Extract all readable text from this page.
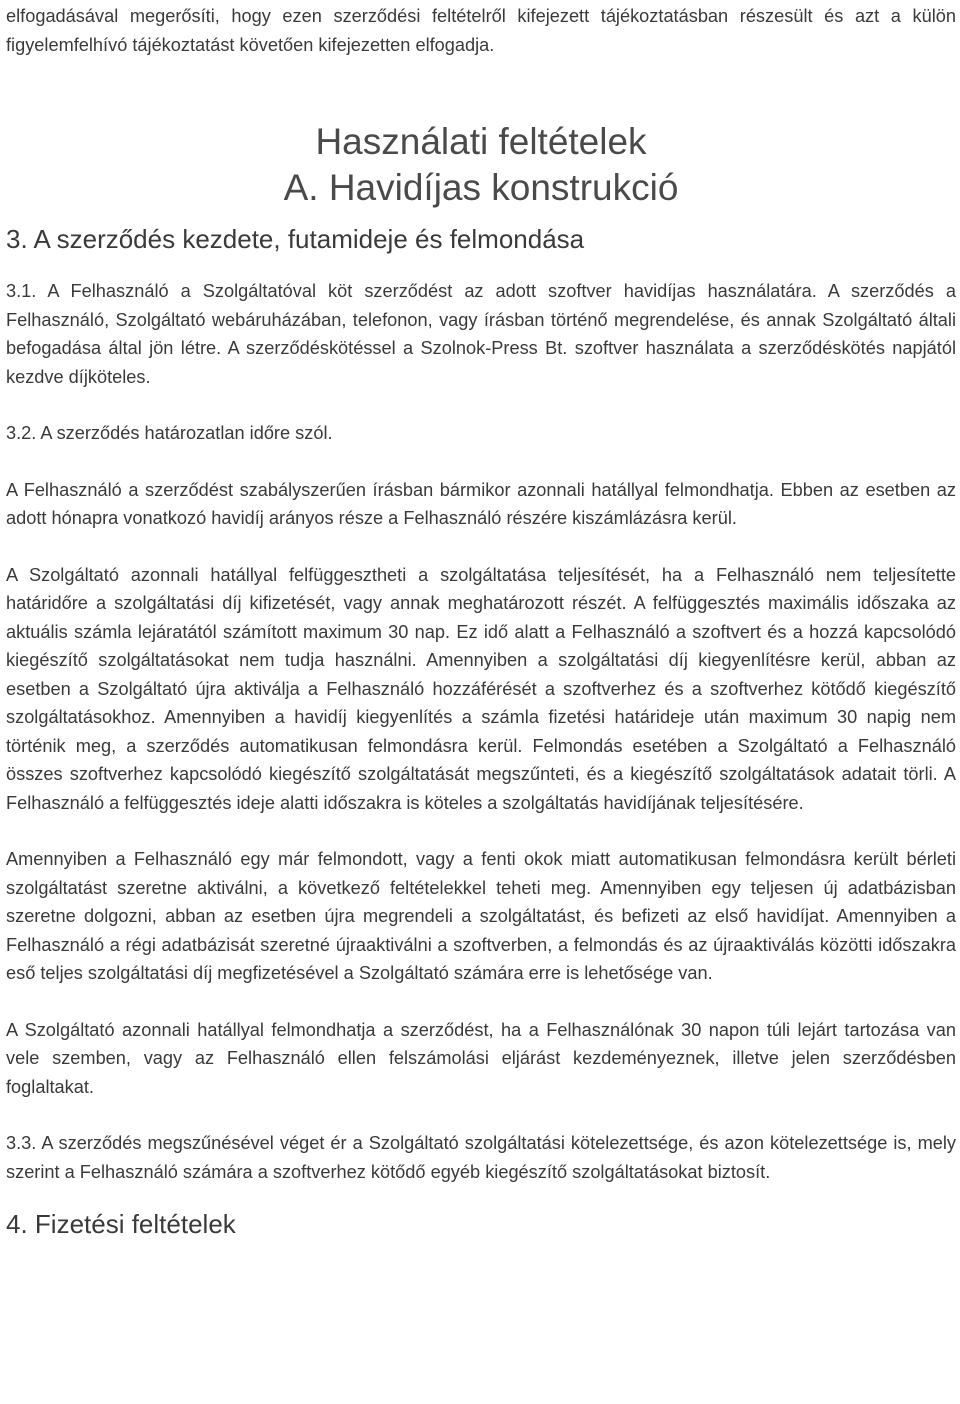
elfogadásával megerősíti, hogy ezen szerződési feltételről kifejezett tájékoztatásban részesült és azt a külön figyelemfelhívó tájékoztatást követően kifejezetten elfogadja.

Használati feltételek
A. Havidíjas konstrukció
3. A szerződés kezdete, futamideje és felmondása

3.1. A Felhasználó a Szolgáltatóval köt szerződést az adott szoftver havidíjas használatára. A szerződés a Felhasználó, Szolgáltató webáruházában, telefonon, vagy írásban történő megrendelése, és annak Szolgáltató általi befogadása által jön létre. A szerződéskötéssel a Szolnok-Press Bt. szoftver használata a szerződéskötés napjától kezdve díjköteles.

3.2. A szerződés határozatlan időre szól.

A Felhasználó a szerződést szabályszerűen írásban bármikor azonnali hatállyal felmondhatja. Ebben az esetben az adott hónapra vonatkozó havidíj arányos része a Felhasználó részére kiszámlázásra kerül.

A Szolgáltató azonnali hatállyal felfüggesztheti a szolgáltatása teljesítését, ha a Felhasználó nem teljesítette határidőre a szolgáltatási díj kifizetését, vagy annak meghatározott részét. A felfüggesztés maximális időszaka az aktuális számla lejáratától számított maximum 30 nap. Ez idő alatt a Felhasználó a szoftvert és a hozzá kapcsolódó kiegészítő szolgáltatásokat nem tudja használni. Amennyiben a szolgáltatási díj kiegyenlítésre kerül, abban az esetben a Szolgáltató újra aktiválja a Felhasználó hozzáférését a szoftverhez és a szoftverhez kötődő kiegészítő szolgáltatásokhoz. Amennyiben a havidíj kiegyenlítés a számla fizetési határideje után maximum 30 napig nem történik meg, a szerződés automatikusan felmondásra kerül. Felmondás esetében a Szolgáltató a Felhasználó összes szoftverhez kapcsolódó kiegészítő szolgáltatását megszűnteti, és a kiegészítő szolgáltatások adatait törli. A Felhasználó a felfüggesztés ideje alatti időszakra is köteles a szolgáltatás havidíjának teljesítésére.

Amennyiben a Felhasználó egy már felmondott, vagy a fenti okok miatt automatikusan felmondásra került bérleti szolgáltatást szeretne aktiválni, a következő feltételekkel teheti meg. Amennyiben egy teljesen új adatbázisban szeretne dolgozni, abban az esetben újra megrendeli a szolgáltatást, és befizeti az első havidíjat. Amennyiben a Felhasználó a régi adatbázisát szeretné újraaktiválni a szoftverben, a felmondás és az újraaktiválás közötti időszakra eső teljes szolgáltatási díj megfizetésével a Szolgáltató számára erre is lehetősége van.

A Szolgáltató azonnali hatállyal felmondhatja a szerződést, ha a Felhasználónak 30 napon túli lejárt tartozása van vele szemben, vagy az Felhasználó ellen felszámolási eljárást kezdeményeznek, illetve jelen szerződésben foglaltakat.

3.3. A szerződés megszűnésével véget ér a Szolgáltató szolgáltatási kötelezettsége, és azon kötelezettsége is, mely szerint a Felhasználó számára a szoftverhez kötődő egyéb kiegészítő szolgáltatásokat biztosít.

4. Fizetési feltételek
